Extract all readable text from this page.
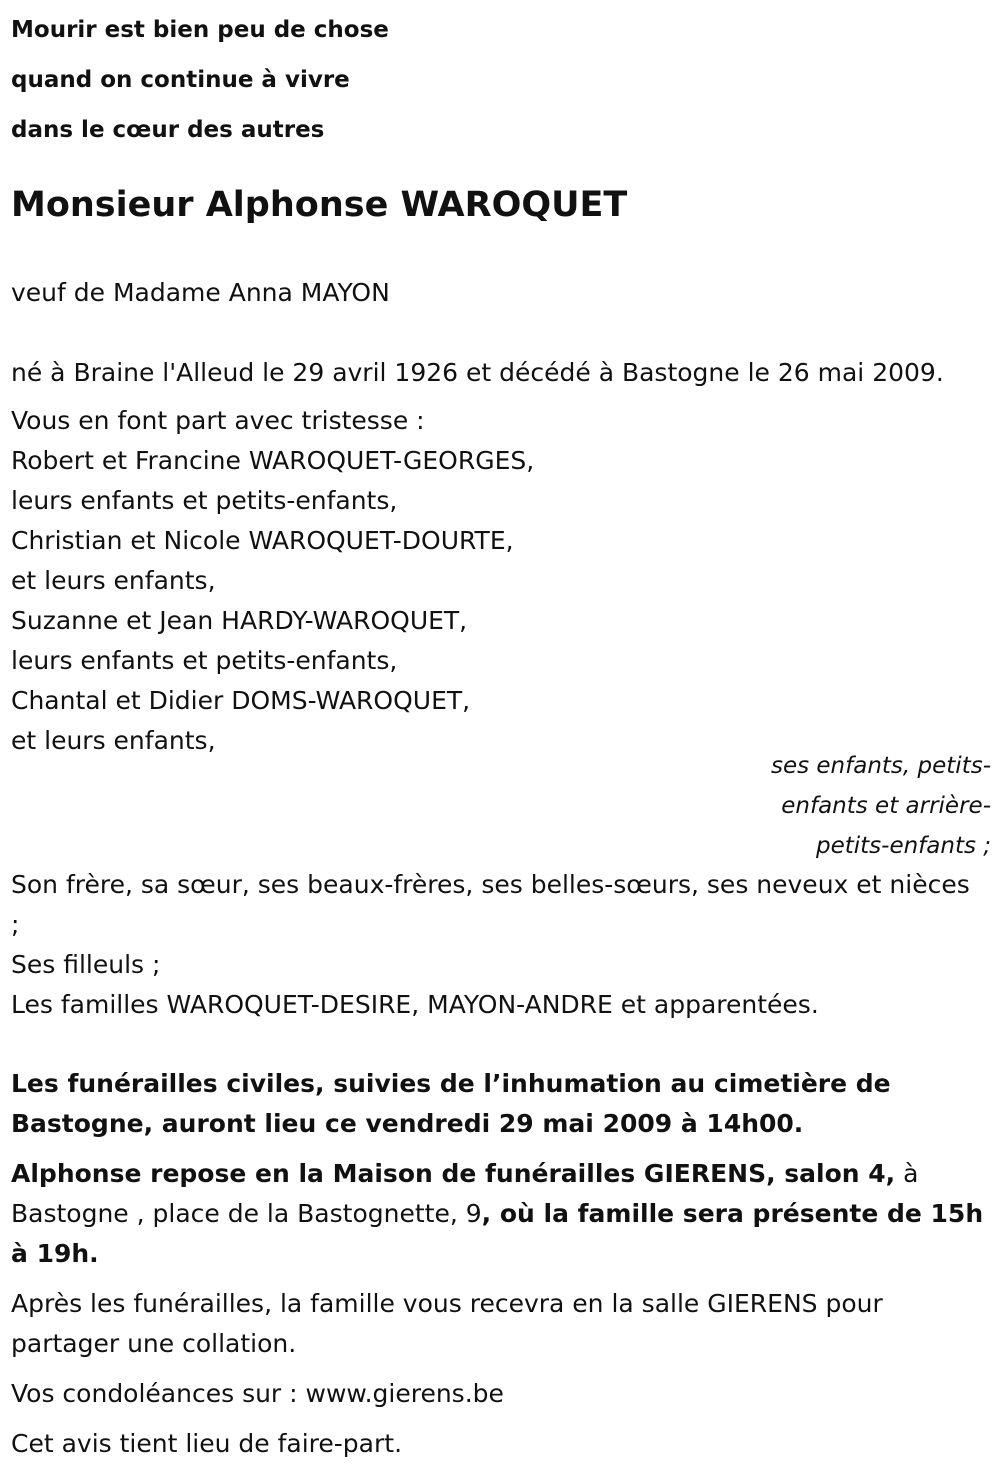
Mourir est bien peu de chose
quand on continue à vivre
dans le cœur des autres
Monsieur Alphonse WAROQUET
veuf de Madame Anna MAYON
né à Braine l'Alleud le 29 avril 1926 et décédé à Bastogne le 26 mai 2009.
Vous en font part avec tristesse :
Robert et Francine WAROQUET-GEORGES,
leurs enfants et petits-enfants,
Christian et Nicole WAROQUET-DOURTE,
et leurs enfants,
Suzanne et Jean HARDY-WAROQUET,
leurs enfants et petits-enfants,
Chantal et Didier DOMS-WAROQUET,
et leurs enfants,
ses enfants, petits-enfants et arrière-petits-enfants ;
Son frère, sa sœur, ses beaux-frères, ses belles-sœurs, ses neveux et nièces ;
Ses filleuls ;
Les familles WAROQUET-DESIRE, MAYON-ANDRE et apparentées.

Les funérailles civiles, suivies de l’inhumation au cimetière de Bastogne, auront lieu ce vendredi 29 mai 2009 à 14h00.

Alphonse repose en la Maison de funérailles GIERENS, salon 4, à Bastogne , place de la Bastognette, 9, où la famille sera présente de 15h à 19h.

Après les funérailles, la famille vous recevra en la salle GIERENS pour partager une collation.

Vos condoléances sur : www.gierens.be

Cet avis tient lieu de faire-part.
